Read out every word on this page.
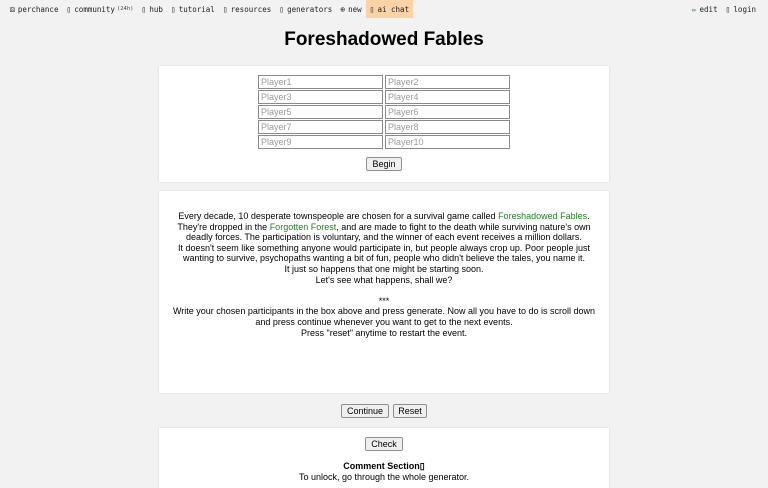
⚄ perchance ▯ community (24h) ▯ hub ▯ tutorial ▯ resources ▯ generators ⊕ new ▯ ai chat	✏ edit ▯ login
Foreshadowed Fables
Player1
Player2
Player3
Player4
Player5
Player6
Player7
Player8
Player9
Player10
Begin

Every decade, 10 desperate townspeople are chosen for a survival game called Foreshadowed Fables.

They're dropped in the Forgotten Forest, and are made to fight to the death while surviving nature's own deadly forces. The participation is voluntary, and the winner of each event receives a million dollars.

It doesn't seem like something anyone would participate in, but people always crop up. Poor people just wanting to survive, psychopaths wanting a bit of fun, people who didn't believe the tales, you name it.

It just so happens that one might be starting soon.

Let's see what happens, shall we?

***

Write your chosen participants in the box above and press generate. Now all you have to do is scroll down and press continue whenever you want to get to the next events.

Press "reset" anytime to restart the event.

Continue	Reset
Check
Comment Section▯
To unlock, go through the whole generator.
